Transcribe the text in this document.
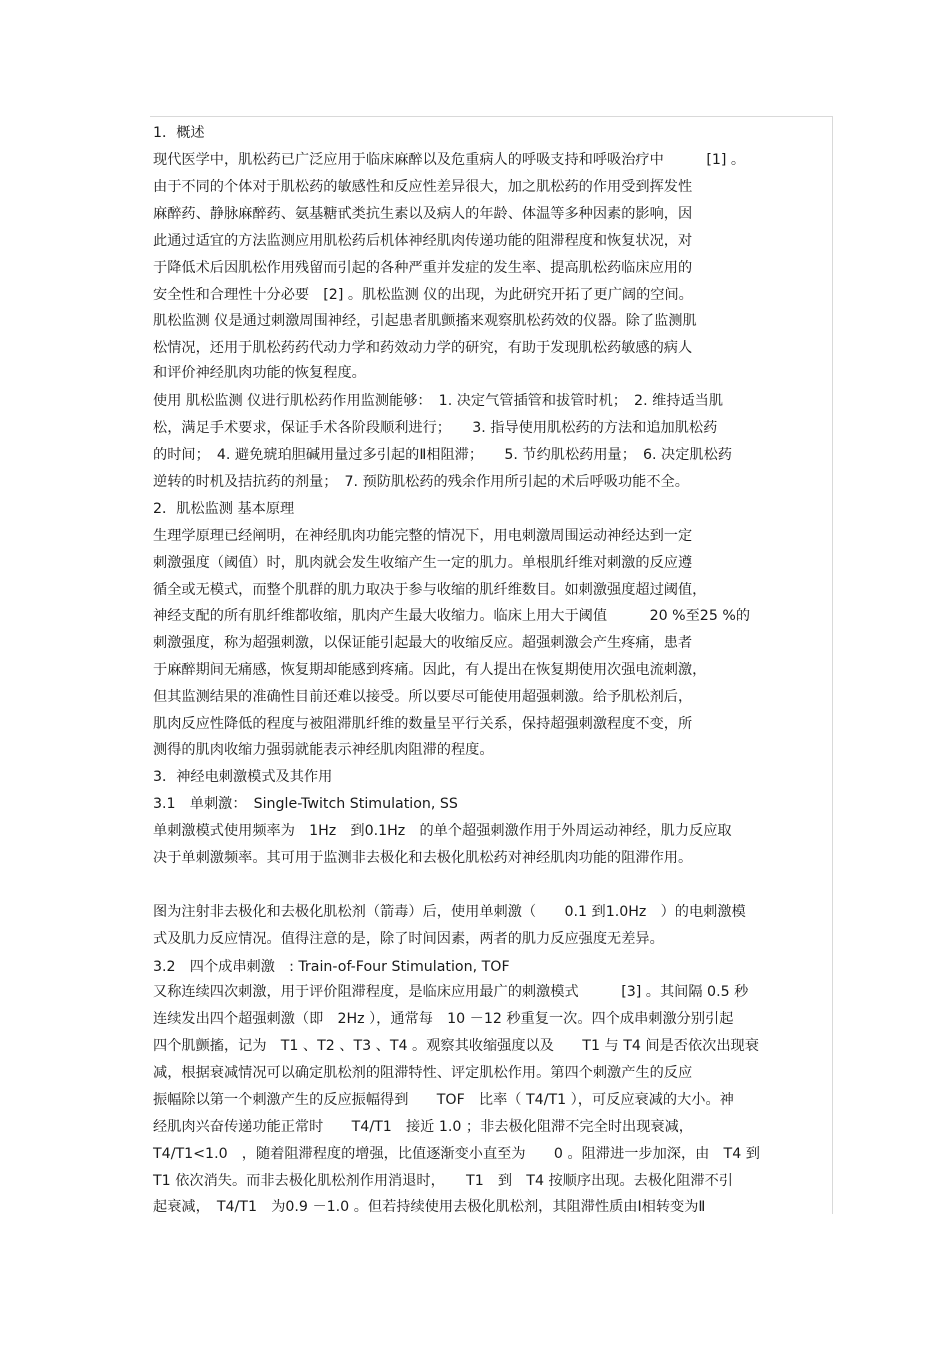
1．概述

现代医学中，肌松药已广泛应用于临床麻醉以及危重病人的呼吸支持和呼吸治疗中　　　[1] 。

由于不同的个体对于肌松药的敏感性和反应性差异很大，加之肌松药的作用受到挥发性

麻醉药、静脉麻醉药、氨基糖甙类抗生素以及病人的年龄、体温等多种因素的影响，因

此通过适宜的方法监测应用肌松药后机体神经肌肉传递功能的阻滞程度和恢复状况，对

于降低术后因肌松作用残留而引起的各种严重并发症的发生率、提高肌松药临床应用的

安全性和合理性十分必要　[2] 。肌松监测 仪的出现，为此研究开拓了更广阔的空间。

肌松监测 仪是通过刺激周围神经，引起患者肌颤搐来观察肌松药效的仪器。除了监测肌

松情况，还用于肌松药药代动力学和药效动力学的研究，有助于发现肌松药敏感的病人

和评价神经肌肉功能的恢复程度。

使用 肌松监测 仪进行肌松药作用监测能够：　1. 决定气管插管和拔管时机；　2. 维持适当肌

松，满足手术要求，保证手术各阶段顺利进行；　　3. 指导使用肌松药的方法和追加肌松药

的时间；　4. 避免琥珀胆碱用量过多引起的Ⅱ相阻滞；　　5. 节约肌松药用量；　6. 决定肌松药

逆转的时机及拮抗药的剂量；　7. 预防肌松药的残余作用所引起的术后呼吸功能不全。

2．肌松监测 基本原理

生理学原理已经阐明，在神经肌肉功能完整的情况下，用电刺激周围运动神经达到一定

刺激强度（阈值）时，肌肉就会发生收缩产生一定的肌力。单根肌纤维对刺激的反应遵

循全或无模式，而整个肌群的肌力取决于参与收缩的肌纤维数目。如刺激强度超过阈值，

神经支配的所有肌纤维都收缩，肌肉产生最大收缩力。临床上用大于阈值　　　20 %至25 %的

刺激强度，称为超强刺激，以保证能引起最大的收缩反应。超强刺激会产生疼痛，患者

于麻醉期间无痛感，恢复期却能感到疼痛。因此，有人提出在恢复期使用次强电流刺激，

但其监测结果的准确性目前还难以接受。所以要尽可能使用超强刺激。给予肌松剂后，

肌肉反应性降低的程度与被阻滞肌纤维的数量呈平行关系，保持超强刺激程度不变，所

测得的肌肉收缩力强弱就能表示神经肌肉阻滞的程度。

3．神经电刺激模式及其作用

3.1　单刺激：　Single-Twitch Stimulation, SS

单刺激模式使用频率为　1Hz　到0.1Hz　的单个超强刺激作用于外周运动神经，肌力反应取

决于单刺激频率。其可用于监测非去极化和去极化肌松药对神经肌肉功能的阻滞作用。

图为注射非去极化和去极化肌松剂（箭毒）后，使用单刺激（　　0.1 到1.0Hz　）的电刺激模

式及肌力反应情况。值得注意的是，除了时间因素，两者的肌力反应强度无差异。

3.2　四个成串刺激　: Train-of-Four Stimulation, TOF

又称连续四次刺激，用于评价阻滞程度，是临床应用最广的刺激模式　　　[3] 。其间隔 0.5 秒

连续发出四个超强刺激（即　2Hz ），通常每　10 －12 秒重复一次。四个成串刺激分别引起

四个肌颤搐，记为　T1 、T2 、T3 、T4 。观察其收缩强度以及　　T1 与 T4 间是否依次出现衰

减，根据衰减情况可以确定肌松剂的阻滞特性、评定肌松作用。第四个刺激产生的反应

振幅除以第一个刺激产生的反应振幅得到　　TOF　比率（ T4/T1 ），可反应衰减的大小。神

经肌肉兴奋传递功能正常时　　T4/T1　接近 1.0 ；非去极化阻滞不完全时出现衰减，

T4/T1<1.0　，随着阻滞程度的增强，比值逐渐变小直至为　　0 。阻滞进一步加深，由　T4 到

T1 依次消失。而非去极化肌松剂作用消退时，　　T1　到　T4 按顺序出现。去极化阻滞不引

起衰减，　T4/T1　为0.9 －1.0 。但若持续使用去极化肌松剂，其阻滞性质由Ⅰ相转变为Ⅱ
